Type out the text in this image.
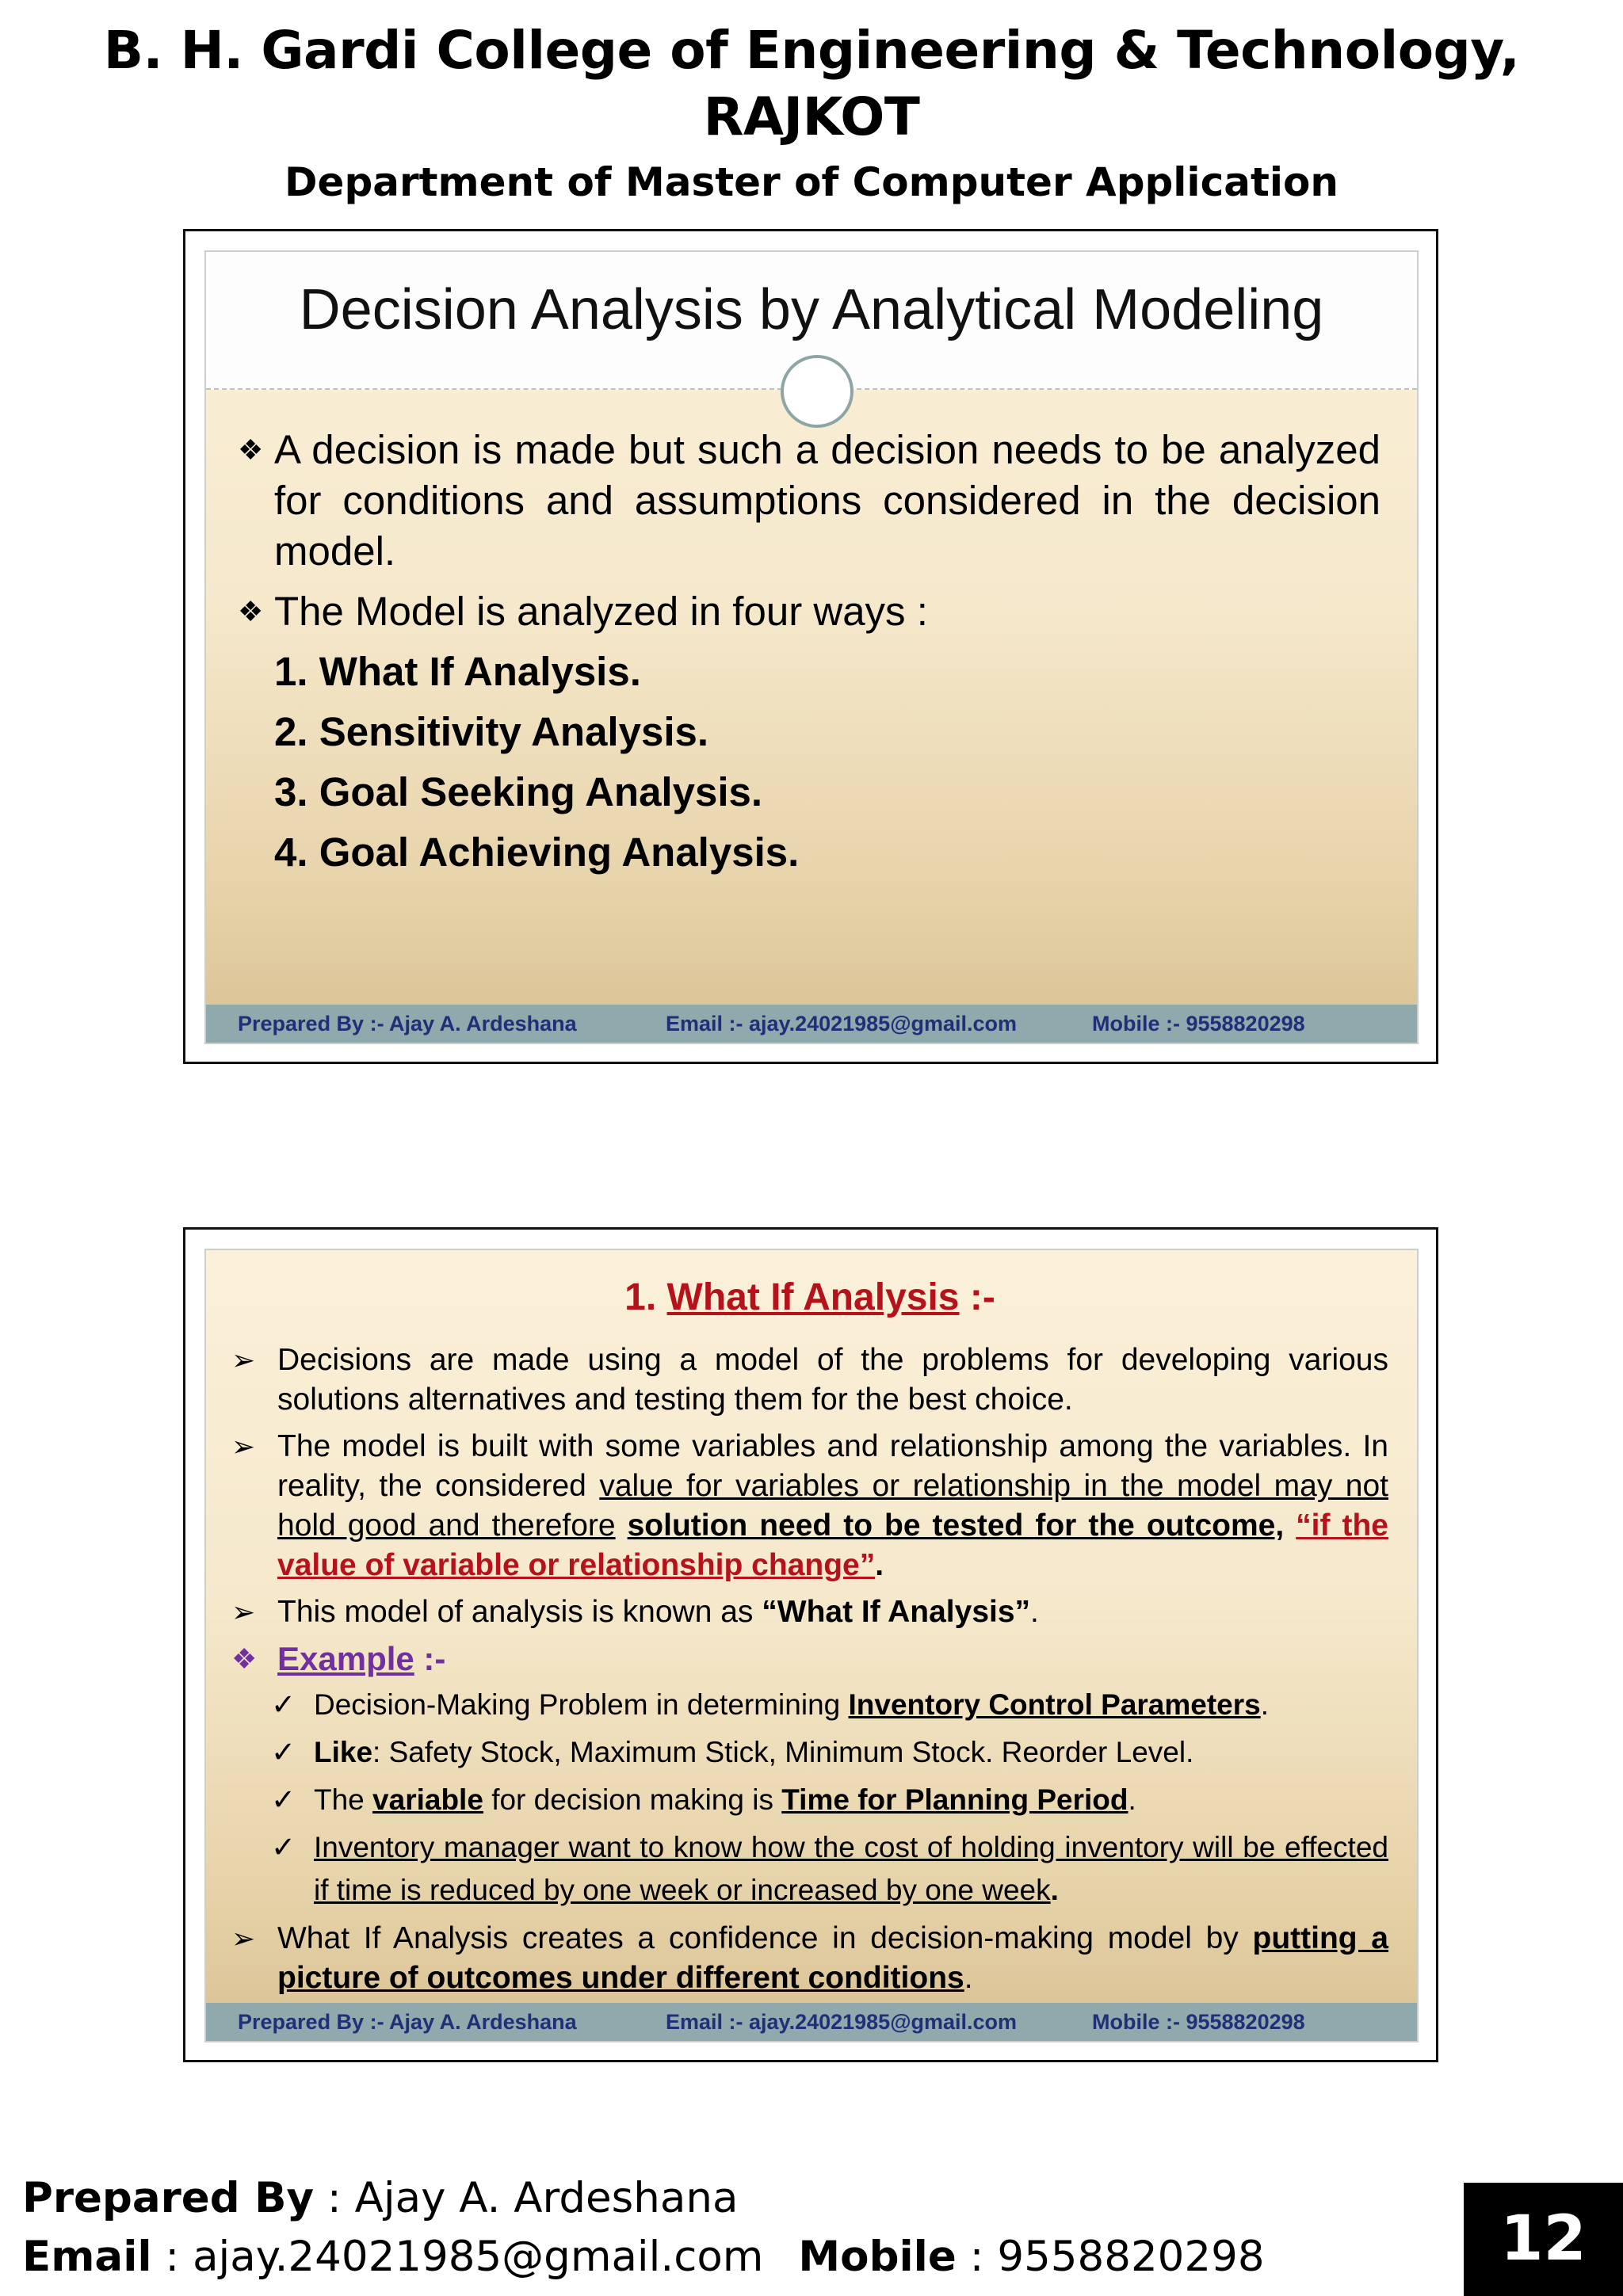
B. H. Gardi College of Engineering & Technology, RAJKOT
Department of Master of Computer Application
Decision Analysis by Analytical Modeling
❖ A decision is made but such a decision needs to be analyzed for conditions and assumptions considered in the decision model.
❖ The Model is analyzed in four ways :
1. What If Analysis.
2. Sensitivity Analysis.
3. Goal Seeking Analysis.
4. Goal Achieving Analysis.
Prepared By :- Ajay A. Ardeshana	Email :- ajay.24021985@gmail.com	Mobile :- 9558820298
1. What If Analysis :-
➢ Decisions are made using a model of the problems for developing various solutions alternatives and testing them for the best choice.
➢ The model is built with some variables and relationship among the variables. In reality, the considered value for variables or relationship in the model may not hold good and therefore solution need to be tested for the outcome, “if the value of variable or relationship change”.
➢ This model of analysis is known as “What If Analysis”.
❖ Example :-
✓ Decision-Making Problem in determining Inventory Control Parameters.
✓ Like: Safety Stock, Maximum Stick, Minimum Stock. Reorder Level.
✓ The variable for decision making is Time for Planning Period.
✓ Inventory manager want to know how the cost of holding inventory will be effected if time is reduced by one week or increased by one week.
➢ What If Analysis creates a confidence in decision-making model by putting a picture of outcomes under different conditions.
Prepared By :- Ajay A. Ardeshana	Email :- ajay.24021985@gmail.com	Mobile :- 9558820298
Prepared By : Ajay A. Ardeshana
Email : ajay.24021985@gmail.com Mobile : 9558820298	12
